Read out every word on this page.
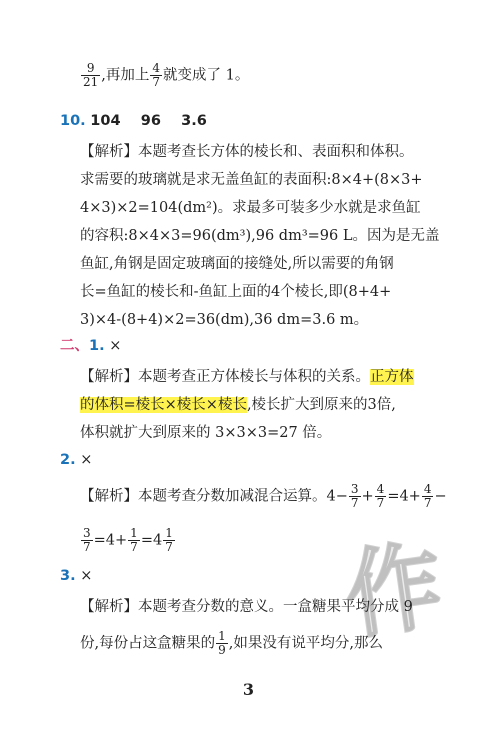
作
$\frac{9}{21}$ ,再加上 $\frac{4}{7}$ 就变成了 1。
10. 104    96    3.6
【解析】本题考查长方体的棱长和、表面积和体积。
求需要的玻璃就是求无盖鱼缸的表面积:8×4+(8×3+
4×3)×2=104(dm²)。求最多可装多少水就是求鱼缸
的容积:8×4×3=96(dm³),96 dm³=96 L。因为是无盖
鱼缸,角钢是固定玻璃面的接缝处,所以需要的角钢
长=鱼缸的棱长和-鱼缸上面的4个棱长,即(8+4+
3)×4-(8+4)×2=36(dm),36 dm=3.6 m。
二、1. ×
【解析】本题考查正方体棱长与体积的关系。正方体
的体积=棱长×棱长×棱长,棱长扩大到原来的3倍,
体积就扩大到原来的 3×3×3=27 倍。
2. ×
【解析】本题考查分数加减混合运算。$4- \frac{3}{7} + \frac{4}{7} =4+ \frac{4}{7}$ −
$\frac{3}{7} =4+ \frac{1}{7} =4 \frac{1}{7}$
3. ×
【解析】本题考查分数的意义。一盒糖果平均分成 9
份,每份占这盒糖果的 $\frac{1}{9}$ ,如果没有说平均分,那么
3
